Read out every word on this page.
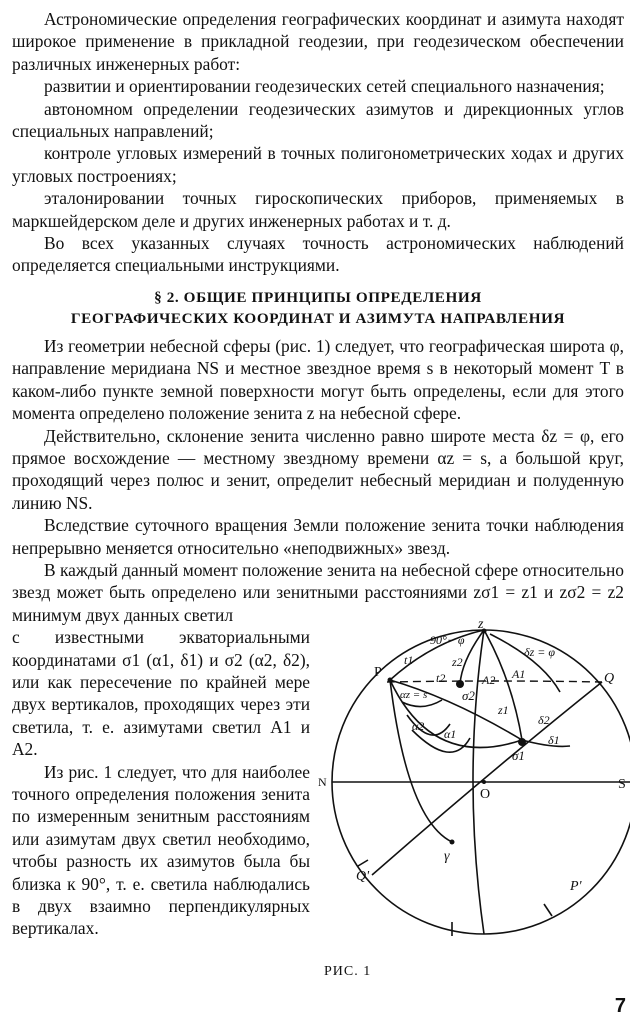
Астрономические определения географических координат и азимута находят широкое применение в прикладной геодезии, при геодезическом обеспечении различных инженерных работ:

развитии и ориентировании геодезических сетей специального назначения;

автономном определении геодезических азимутов и дирекционных углов специальных направлений;

контроле угловых измерений в точных полигонометрических ходах и других угловых построениях;

эталонировании точных гироскопических приборов, применяемых в маркшейдерском деле и других инженерных работах и т. д.

Во всех указанных случаях точность астрономических наблюдений определяется специальными инструкциями.

§ 2. ОБЩИЕ ПРИНЦИПЫ ОПРЕДЕЛЕНИЯ
ГЕОГРАФИЧЕСКИХ КООРДИНАТ И АЗИМУТА НАПРАВЛЕНИЯ

Из геометрии небесной сферы (рис. 1) следует, что географическая широта φ, направление меридиана NS и местное звездное время s в некоторый момент T в каком-либо пункте земной поверхности могут быть определены, если для этого момента определено положение зенита z на небесной сфере.

Действительно, склонение зенита численно равно широте места δz = φ, его прямое восхождение — местному звездному времени αz = s, а большой круг, проходящий через полюс и зенит, определит небесный меридиан и полуденную линию NS.

Вследствие суточного вращения Земли положение зенита точки наблюдения непрерывно меняется относительно «неподвижных» звезд.

В каждый данный момент положение зенита на небесной сфере относительно звезд может быть определено или зенитными расстояниями zσ1 = z1 и zσ2 = z2 минимум двух данных светил

с известными экваториальными координатами σ1 (α1, δ1) и σ2 (α2, δ2), или как пересечение по крайней мере двух вертикалов, проходящих через эти светила, т. е. азимутами светил A1 и A2.

Из рис. 1 следует, что для наиболее точного определения положения зенита по измеренным зенитным расстояниям или азимутам двух светил необходимо, чтобы разность их азимутов была бы близка к 90°, т. е. светила наблюдались в двух взаимно перпендикулярных вертикалах.

z
90°− φ
δz = φ
P
t1
t2
z2
A2 A1
z1
σ2
δ2
δ1
σ1
αz = s
α2
α1
Q
N	S
O
γ
Q'
P'
РИС. 1
7
